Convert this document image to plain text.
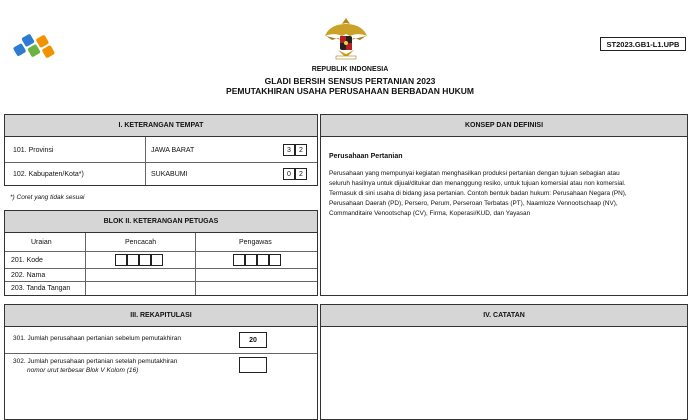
ST2023.GB1-L1.UPB
REPUBLIK INDONESIA
GLADI BERSIH SENSUS PERTANIAN 2023
PEMUTAKHIRAN USAHA PERUSAHAAN BERBADAN HUKUM
I. KETERANGAN TEMPAT
101. Provinsi	JAWA BARAT	3	2
102. Kabupaten/Kota*)	SUKABUMI	0	2
*) Coret yang tidak sesuai
BLOK II. KETERANGAN PETUGAS
Uraian	Pencacah	Pengawas
201. Kode
202. Nama
203. Tanda Tangan
KONSEP DAN DEFINISI
Perusahaan Pertanian
Perusahaan yang mempunyai kegiatan menghasilkan produksi pertanian dengan tujuan sebagian atau
seluruh hasilnya untuk dijual/ditukar dan menanggung resiko, untuk tujuan komersial atau non komersial.
Termasuk di sini usaha di bidang jasa pertanian. Contoh bentuk badan hukum: Perusahaan Negara (PN),
Perusahaan Daerah (PD), Persero, Perum, Perseroan Terbatas (PT), Naamloze Vennootschaap (NV),
Commanditaire Venootschap (CV), Firma, Koperasi/KUD, dan Yayasan
III. REKAPITULASI
301. Jumlah perusahaan pertanian sebelum pemutakhiran	20
302. Jumlah perusahaan pertanian setelah pemutakhiran
nomor urut terbesar Blok V Kolom (16)
IV. CATATAN
